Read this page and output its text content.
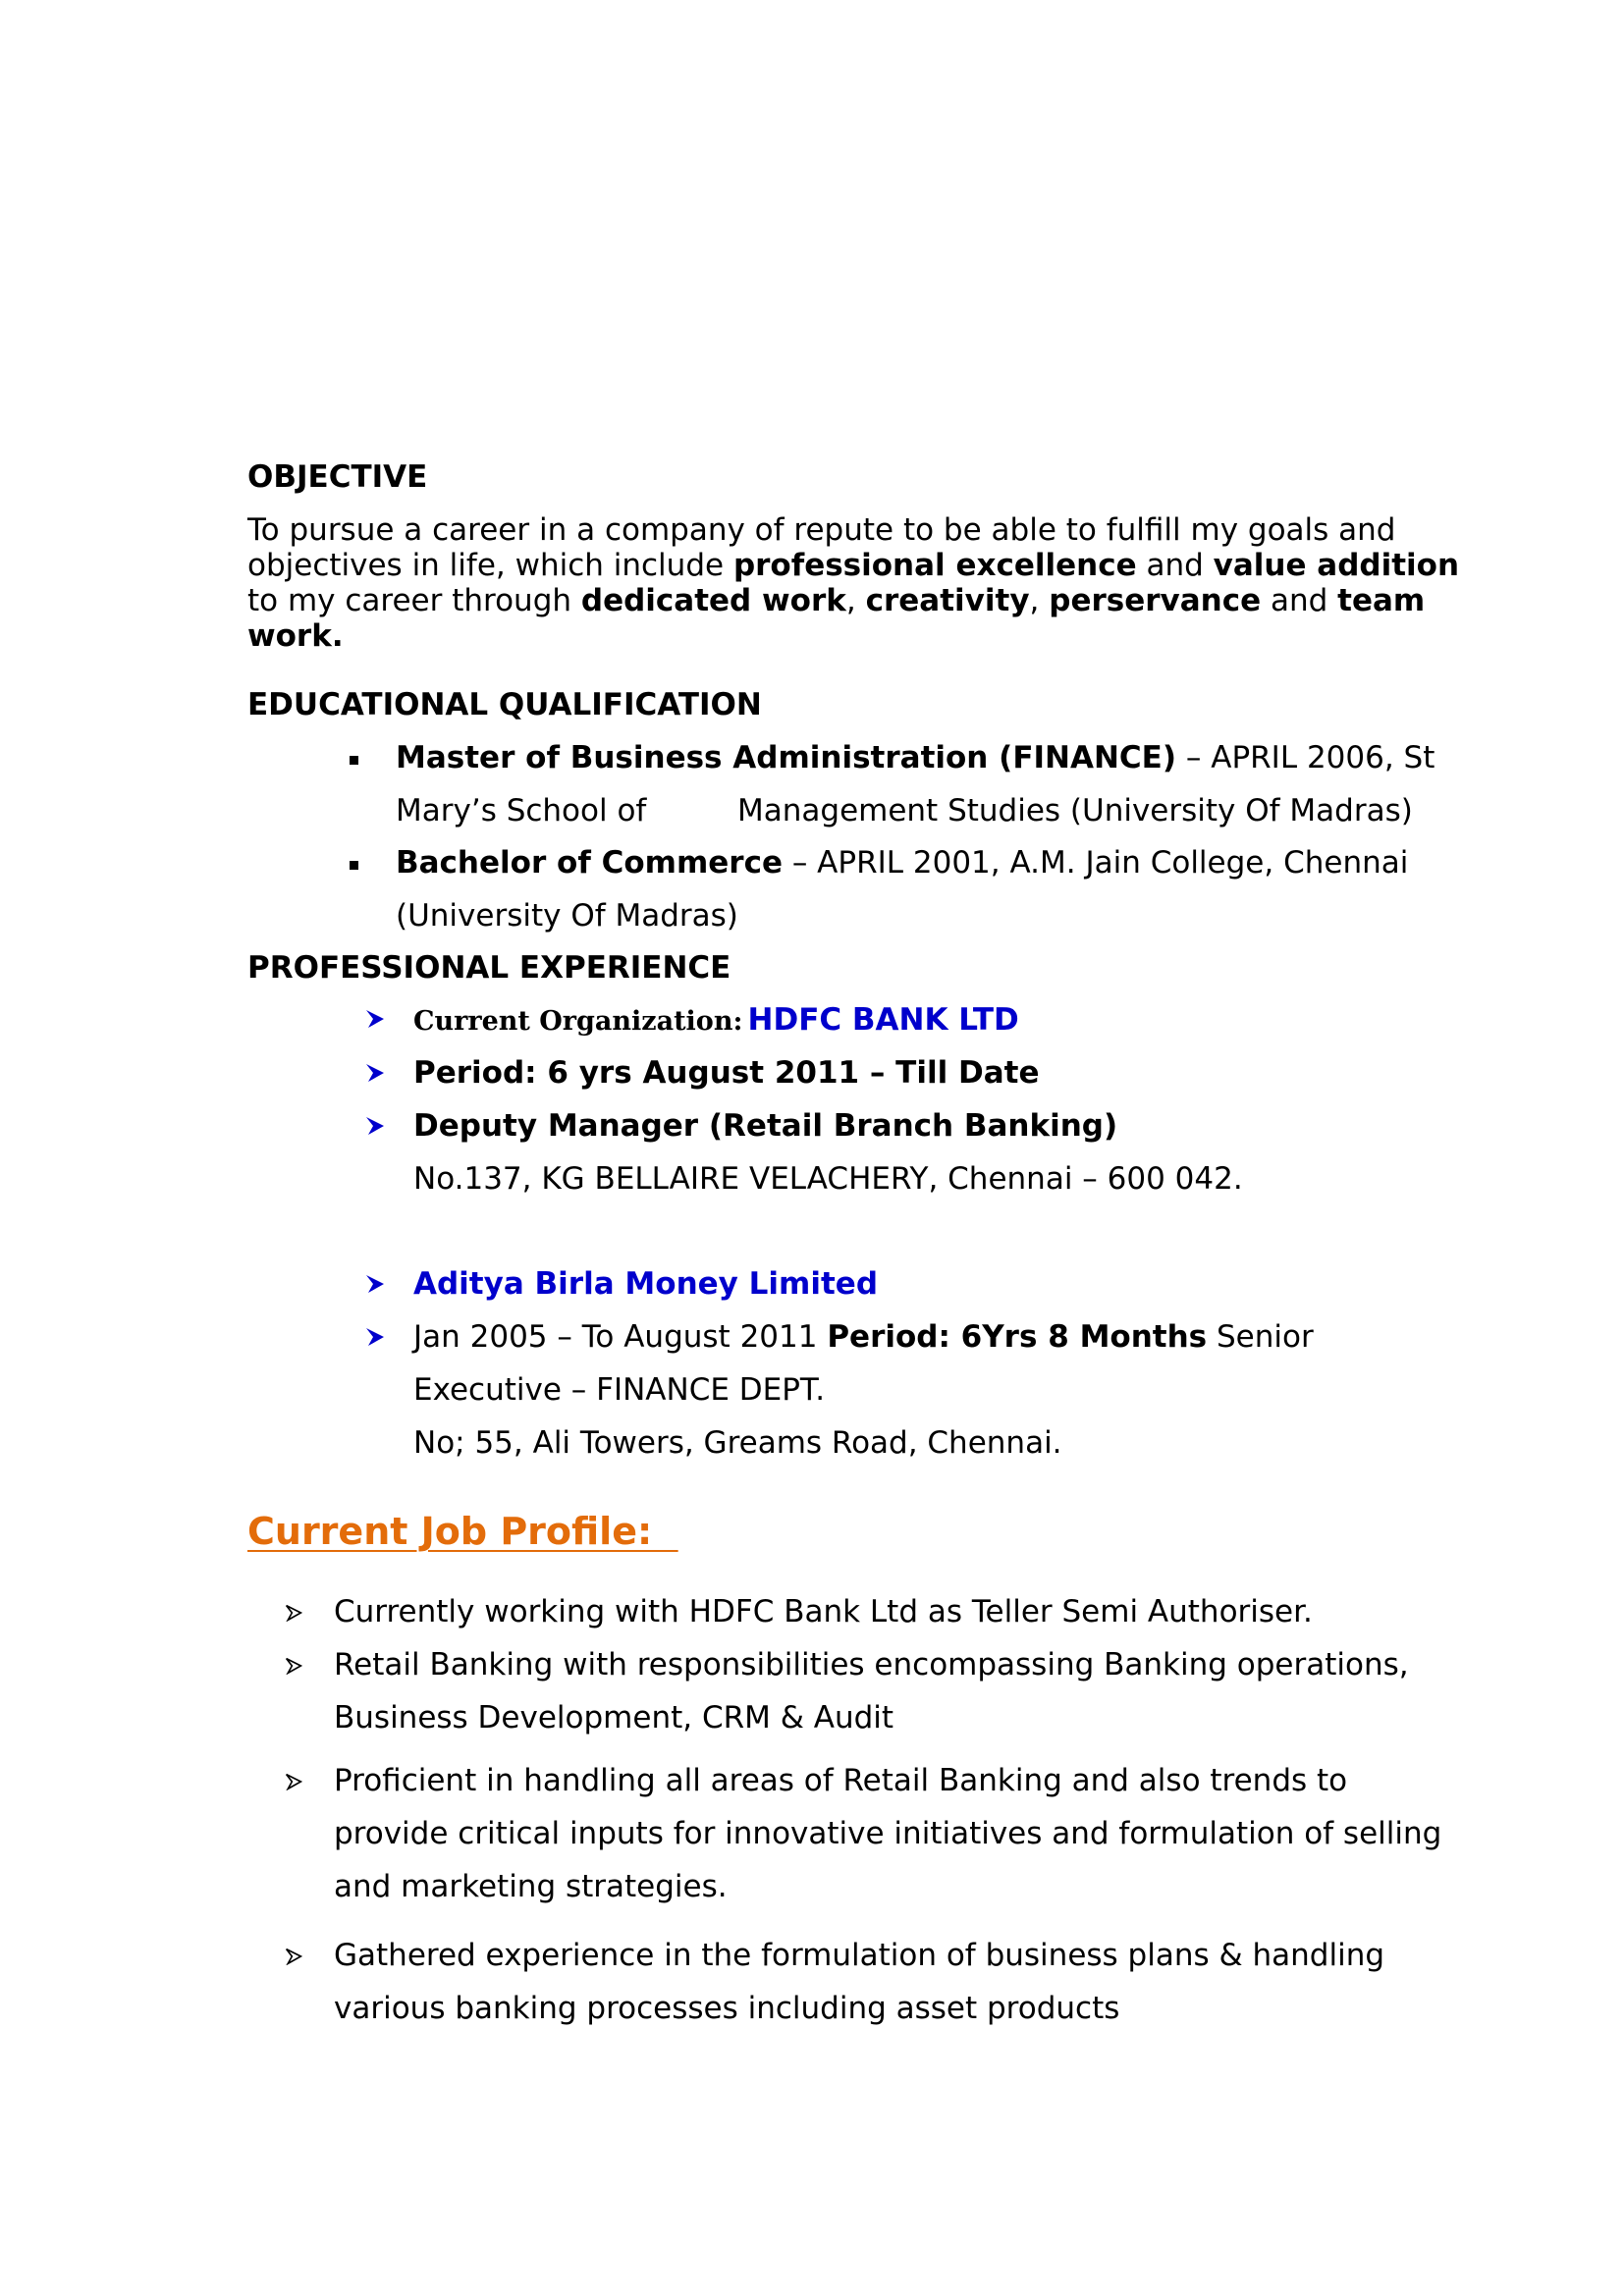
OBJECTIVE
To pursue a career in a company of repute to be able to fulfill my goals and
objectives in life, which include professional excellence and value addition
to my career through dedicated work, creativity, perservance and team
work.
EDUCATIONAL QUALIFICATION
Master of Business Administration (FINANCE) – APRIL 2006, St
Mary’s School of	Management Studies (University Of Madras)
Bachelor of Commerce – APRIL 2001, A.M. Jain College, Chennai
(University Of Madras)
PROFESSIONAL EXPERIENCE
Current Organization: HDFC BANK LTD
Period: 6 yrs August 2011 – Till Date
Deputy Manager (Retail Branch Banking)
No.137, KG BELLAIRE VELACHERY, Chennai – 600 042.
Aditya Birla Money Limited
Jan 2005 – To August 2011 Period: 6Yrs 8 Months Senior
Executive – FINANCE DEPT.
No; 55, Ali Towers, Greams Road, Chennai.
Current Job Profile:
Currently working with HDFC Bank Ltd as Teller Semi Authoriser.
Retail Banking with responsibilities encompassing Banking operations,
Business Development, CRM & Audit
Proficient in handling all areas of Retail Banking and also trends to
provide critical inputs for innovative initiatives and formulation of selling
and marketing strategies.
Gathered experience in the formulation of business plans & handling
various banking processes including asset products
